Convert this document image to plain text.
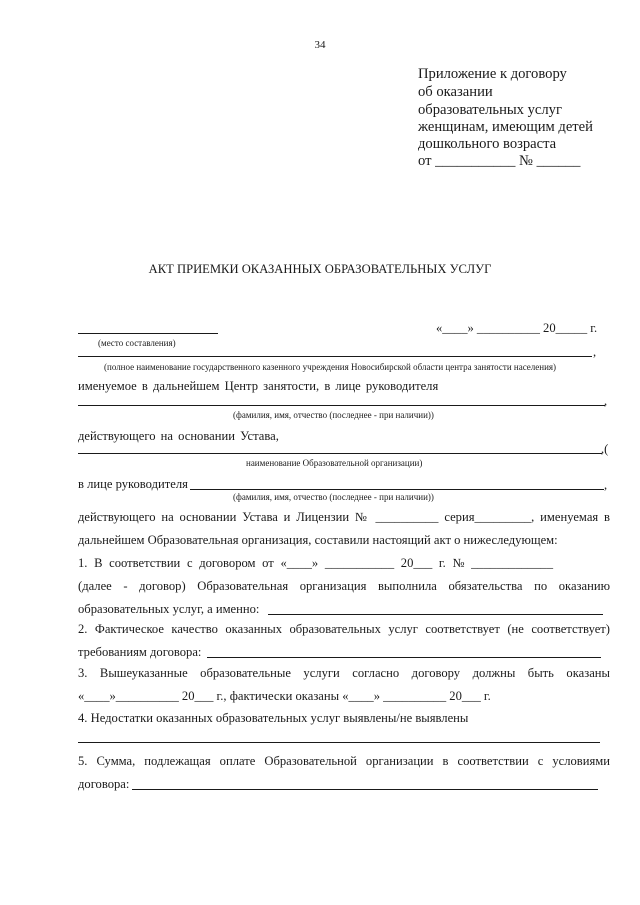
34
Приложение к договору
об оказании
образовательных услуг
женщинам, имеющим детей
дошкольного возраста
от ___________ № ______
АКТ ПРИЕМКИ ОКАЗАННЫХ ОБРАЗОВАТЕЛЬНЫХ УСЛУГ
«____» __________ 20_____ г.
(место составления)
,
(полное наименование государственного казенного учреждения Новосибирской области центра занятости населения)
именуемое в дальнейшем Центр занятости, в лице руководителя
,
(фамилия, имя, отчество (последнее - при наличии))
действующего на основании Устава,
,(
наименование Образовательной организации)
в лице руководителя	,
(фамилия, имя, отчество (последнее - при наличии))
действующего на основании Устава и Лицензии № __________ серия_________, именуемая в
дальнейшем Образовательная организация, составили настоящий акт о нижеследующем:
1. В соответствии с договором от «____» ___________ 20___ г. № _____________
(далее - договор) Образовательная организация выполнила обязательства по оказанию
образовательных услуг, а именно:
2. Фактическое качество оказанных образовательных услуг соответствует (не соответствует)
требованиям договора:
3. Вышеуказанные образовательные услуги согласно договору должны быть оказаны
«____»__________ 20___ г., фактически оказаны «____» __________ 20___ г.
4. Недостатки оказанных образовательных услуг выявлены/не выявлены
5. Сумма, подлежащая оплате Образовательной организации в соответствии с условиями
договора:
